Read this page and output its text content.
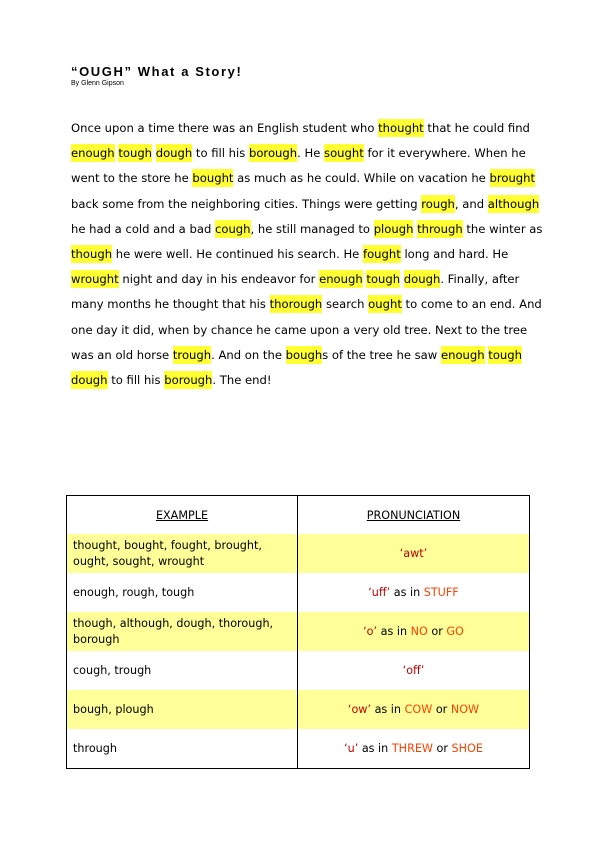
“OUGH” What a Story!
By Glenn Gipson
Once upon a time there was an English student who thought that he could find
enough tough dough to fill his borough. He sought for it everywhere. When he
went to the store he bought as much as he could. While on vacation he brought
back some from the neighboring cities. Things were getting rough, and although
he had a cold and a bad cough, he still managed to plough through the winter as
though he were well. He continued his search. He fought long and hard. He
wrought night and day in his endeavor for enough tough dough. Finally, after
many months he thought that his thorough search ought to come to an end. And
one day it did, when by chance he came upon a very old tree. Next to the tree
was an old horse trough. And on the boughs of the tree he saw enough tough
dough to fill his borough. The end!
EXAMPLE	PRONUNCIATION
thought, bought, fought, brought, ought, sought, wrought	‘awt’
enough, rough, tough	‘uff’ as in STUFF
though, although, dough, thorough, borough	‘o’ as in NO or GO
cough, trough	‘off’
bough, plough	‘ow’ as in COW or NOW
through	‘u’ as in THREW or SHOE
